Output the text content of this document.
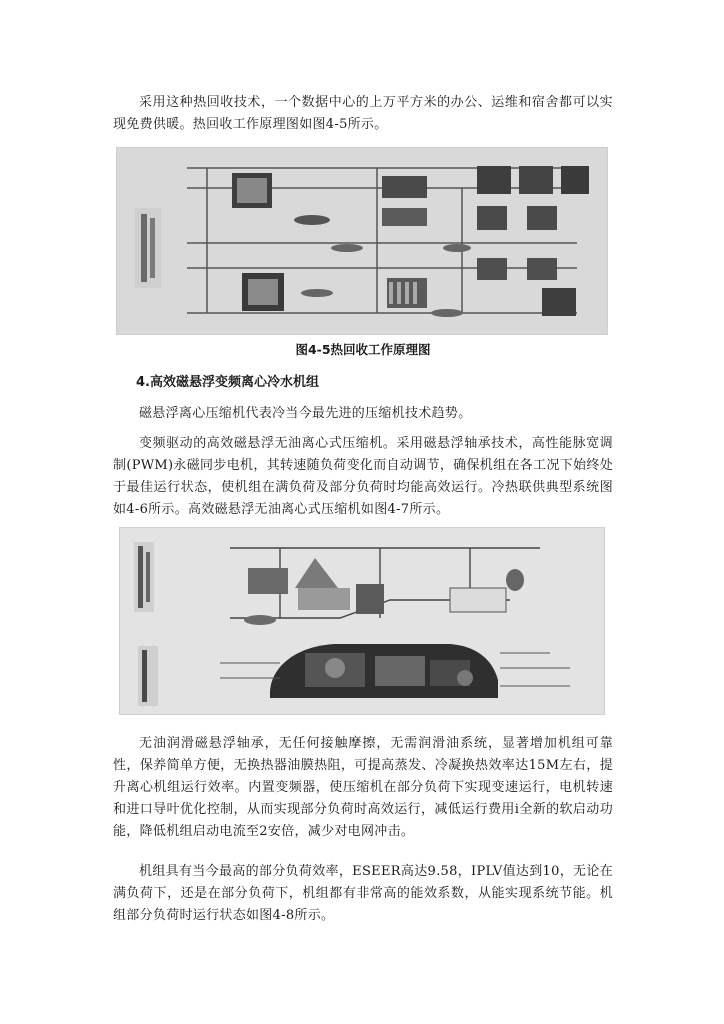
采用这种热回收技术，一个数据中心的上万平方米的办公、运维和宿舍都可以实现免费供暖。热回收工作原理图如图4-5所示。

图4-5热回收工作原理图

4.高效磁悬浮变频离心冷水机组

磁悬浮离心压缩机代表冷当今最先进的压缩机技术趋势。

变频驱动的高效磁悬浮无油离心式压缩机。采用磁悬浮轴承技术，高性能脉宽调制(PWM)永磁同步电机，其转速随负荷变化而自动调节，确保机组在各工况下始终处于最佳运行状态，使机组在满负荷及部分负荷时均能高效运行。冷热联供典型系统图如4-6所示。高效磁悬浮无油离心式压缩机如图4-7所示。

无油润滑磁悬浮轴承，无任何接触摩擦，无需润滑油系统，显著增加机组可靠性，保养简单方便，无换热器油膜热阻，可提高蒸发、冷凝换热效率达15M左右，提升离心机组运行效率。内置变频器，使压缩机在部分负荷下实现变速运行，电机转速和进口导叶优化控制，从而实现部分负荷时高效运行，减低运行费用i全新的软启动功能，降低机组启动电流至2安倍，减少对电网冲击。

机组具有当今最高的部分负荷效率，ESEER高达9.58，IPLV值达到10，无论在满负荷下，还是在部分负荷下，机组都有非常高的能效系数，从能实现系统节能。机组部分负荷时运行状态如图4-8所示。
